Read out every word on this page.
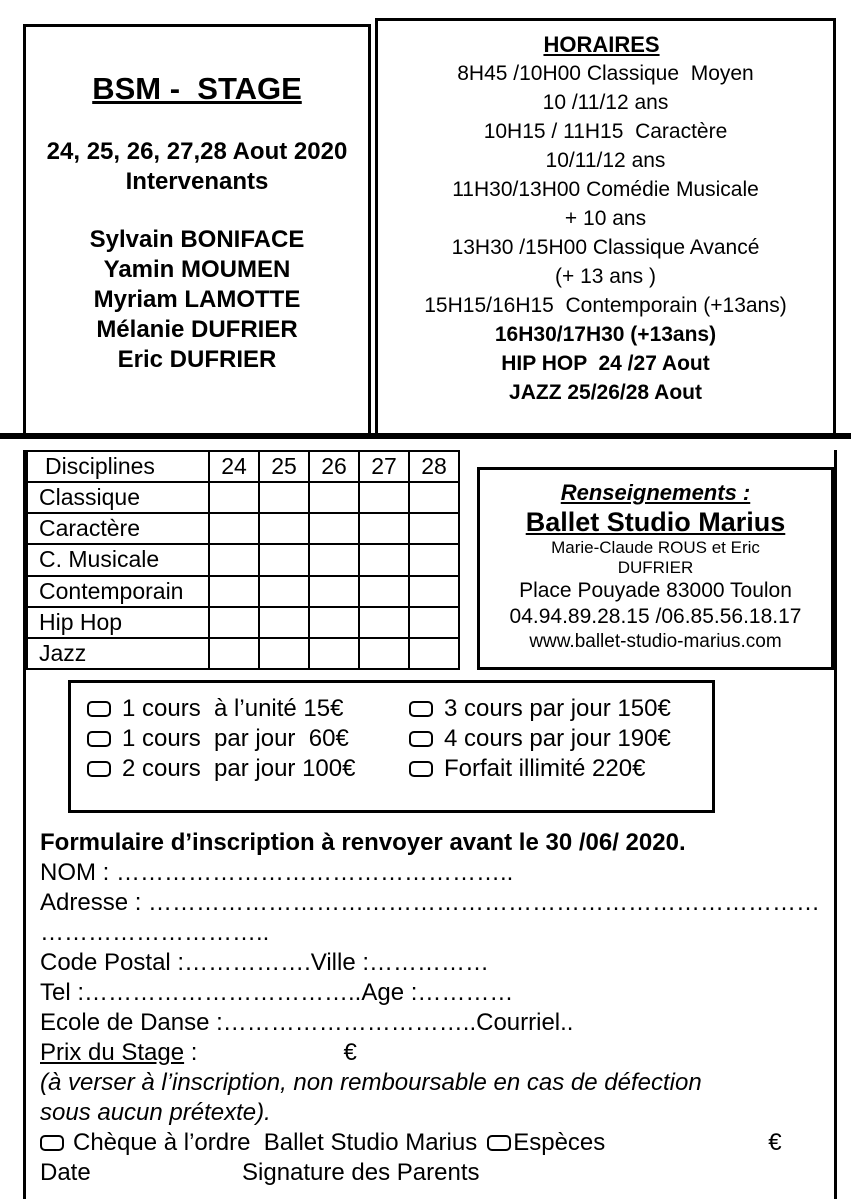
BSM -  STAGE
24, 25, 26, 27,28 Aout 2020
Intervenants
Sylvain BONIFACE
Yamin MOUMEN
Myriam LAMOTTE
Mélanie DUFRIER
Eric DUFRIER
HORAIRES
8H45 /10H00 Classique  Moyen
10 /11/12 ans
10H15 / 11H15  Caractère
10/11/12 ans
11H30/13H00 Comédie Musicale
+ 10 ans
13H30 /15H00 Classique Avancé
(+ 13 ans )
15H15/16H15  Contemporain (+13ans)
16H30/17H30 (+13ans)
HIP HOP  24 /27 Aout
JAZZ 25/26/28 Aout
Disciplines	24	25	26	27	28
Classique					
Caractère					
C. Musicale					
Contemporain					
Hip Hop					
Jazz					
Renseignements :
Ballet Studio Marius
Marie-Claude ROUS et Eric
DUFRIER
Place Pouyade 83000 Toulon
04.94.89.28.15 /06.85.56.18.17
www.ballet-studio-marius.com
1 cours  à l’unité 15€	3 cours par jour 150€
1 cours  par jour  60€	4 cours par jour 190€
2 cours  par jour 100€	Forfait illimité 220€
Formulaire d’inscription à renvoyer avant le 30 /06/ 2020.
NOM : …………………………………………..
Adresse : …………………………………………………………………………
………………………..
Code Postal :…………….Ville :……………
Tel :……………………………..Age :…………
Ecole de Danse :…………………………..Courriel..
Prix du Stage :	€
(à verser à l’inscription, non remboursable en cas de défection
sous aucun prétexte).
Chèque à l’ordre  Ballet Studio Marius Espèces	€
Date	Signature des Parents
